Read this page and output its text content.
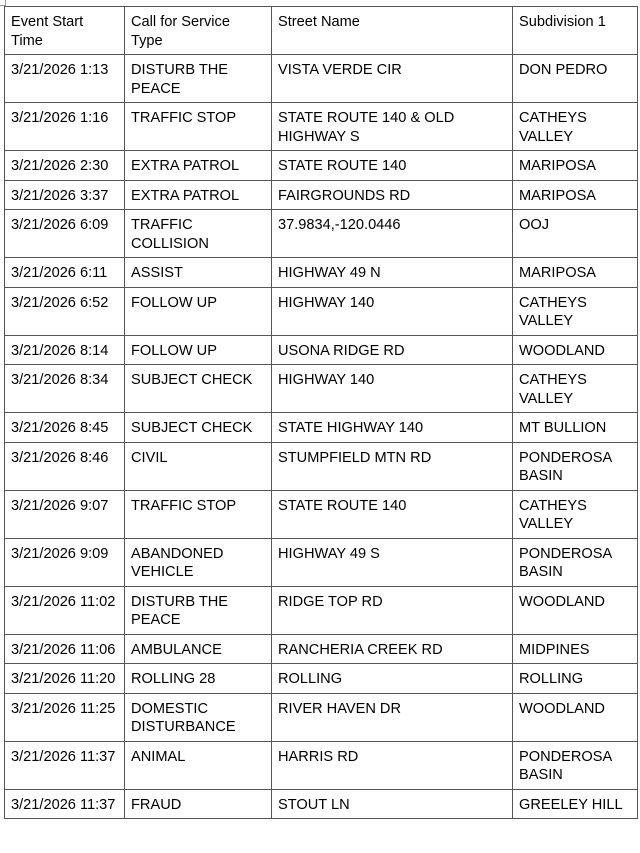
Event Start Time	Call for Service Type	Street Name	Subdivision 1
3/21/2026 1:13	DISTURB THE PEACE	VISTA VERDE CIR	DON PEDRO
3/21/2026 1:16	TRAFFIC STOP	STATE ROUTE 140 & OLD HIGHWAY S	CATHEYS VALLEY
3/21/2026 2:30	EXTRA PATROL	STATE ROUTE 140	MARIPOSA
3/21/2026 3:37	EXTRA PATROL	FAIRGROUNDS RD	MARIPOSA
3/21/2026 6:09	TRAFFIC COLLISION	37.9834,-120.0446	OOJ
3/21/2026 6:11	ASSIST	HIGHWAY 49 N	MARIPOSA
3/21/2026 6:52	FOLLOW UP	HIGHWAY 140	CATHEYS VALLEY
3/21/2026 8:14	FOLLOW UP	USONA RIDGE RD	WOODLAND
3/21/2026 8:34	SUBJECT CHECK	HIGHWAY 140	CATHEYS VALLEY
3/21/2026 8:45	SUBJECT CHECK	STATE HIGHWAY 140	MT BULLION
3/21/2026 8:46	CIVIL	STUMPFIELD MTN RD	PONDEROSA BASIN
3/21/2026 9:07	TRAFFIC STOP	STATE ROUTE 140	CATHEYS VALLEY
3/21/2026 9:09	ABANDONED VEHICLE	HIGHWAY 49 S	PONDEROSA BASIN
3/21/2026 11:02	DISTURB THE PEACE	RIDGE TOP RD	WOODLAND
3/21/2026 11:06	AMBULANCE	RANCHERIA CREEK RD	MIDPINES
3/21/2026 11:20	ROLLING 28	ROLLING	ROLLING
3/21/2026 11:25	DOMESTIC DISTURBANCE	RIVER HAVEN DR	WOODLAND
3/21/2026 11:37	ANIMAL	HARRIS RD	PONDEROSA BASIN
3/21/2026 11:37	FRAUD	STOUT LN	GREELEY HILL
